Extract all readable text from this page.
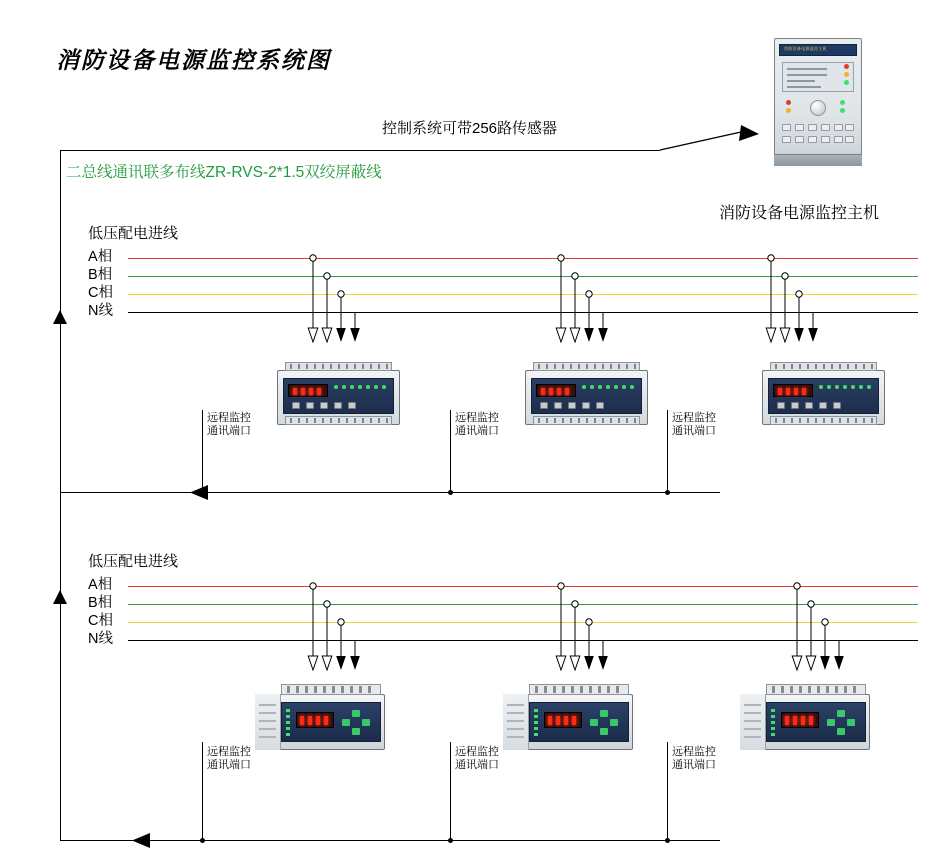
消防设备电源监控系统图	消防设备电源监控主机
消防设备电源监控主机
控制系统可带256路传感器
二总线通讯联多布线ZR-RVS-2*1.5双绞屏蔽线
低压配电进线
A相
B相
C相
N线
远程监控
通讯端口
远程监控
通讯端口
远程监控
通讯端口
低压配电进线
A相
B相
C相
N线
远程监控
通讯端口
远程监控
通讯端口
远程监控
通讯端口
